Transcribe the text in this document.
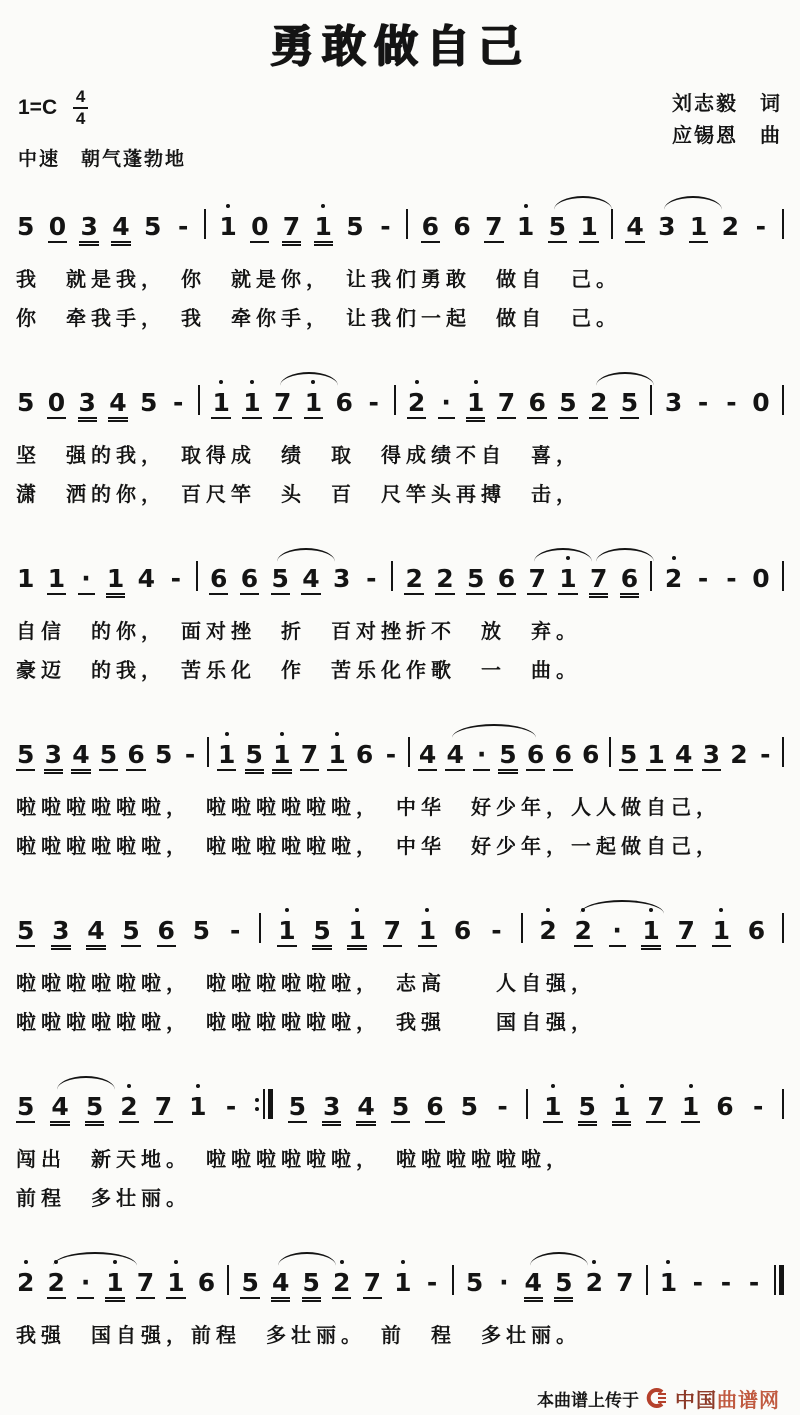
勇敢做自己
$1=C \frac{4}{4}$
中速　朝气蓬勃地
刘志毅　词
应锡恩　曲
5 0 3 4 5 - 1 0 7 1 5 - 6 6 7 1 5 1 4 3 1 2 -
我　就是我，　你　就是你，　让我们勇敢　做自　己。
你　牵我手，　我　牵你手，　让我们一起　做自　己。
5 0 3 4 5 - 1 1 7 1 6 - 2 · 1 7 6 5 2 5 3 - - 0
坚　强的我，　取得成　绩　取　得成绩不自　喜，
潇　洒的你，　百尺竿　头　百　尺竿头再搏　击，
1 1 · 1 4 - 6 6 5 4 3 - 2 2 5 6 7 1 7 6 2 - - 0
自信　的你，　面对挫　折　百对挫折不　放　弃。
豪迈　的我，　苦乐化　作　苦乐化作歌　一　曲。
5 3 4 5 6 5 - 1 5 1 7 1 6 - 4 4 · 5 6 6 6 5 1 4 3 2 -
啦啦啦啦啦啦，　啦啦啦啦啦啦，　中华　好少年，人人做自己，
啦啦啦啦啦啦，　啦啦啦啦啦啦，　中华　好少年，一起做自己，
5 3 4 5 6 5 - 1 5 1 7 1 6 - 2 2 · 1 7 1 6
啦啦啦啦啦啦，　啦啦啦啦啦啦，　志高　　人自强，
啦啦啦啦啦啦，　啦啦啦啦啦啦，　我强　　国自强，
5 4 5 2 7 1 - 5 3 4 5 6 5 - 1 5 1 7 1 6 -
闯出　新天地。　啦啦啦啦啦啦，　啦啦啦啦啦啦，
前程　多壮丽。
2 2 · 1 7 1 6 5 4 5 2 7 1 - 5 · 4 5 2 7 1 - - -
我强　国自强，前程　多壮丽。　前　程　多壮丽。
本曲谱上传于 中国曲谱网
